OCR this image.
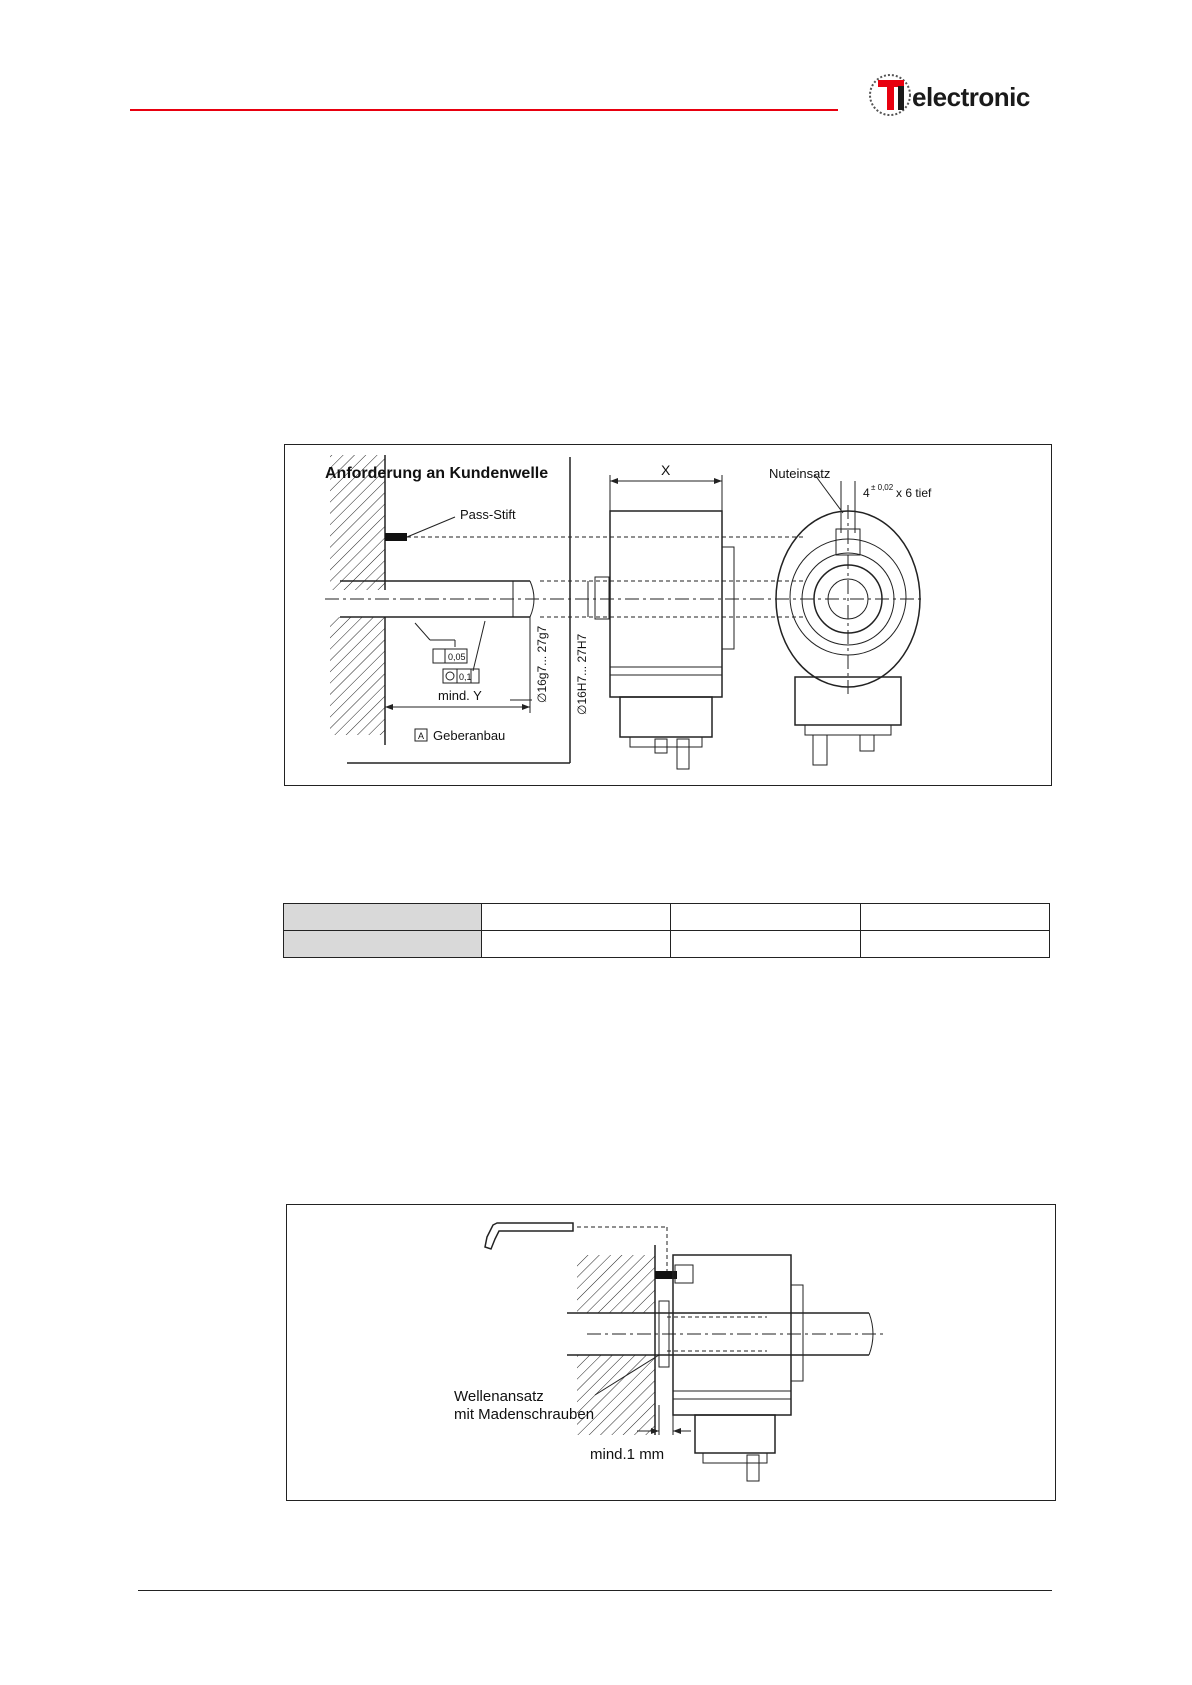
electronic
0,05
0,1
Anforderung an Kundenwelle
Pass-Stift
X	Nuteinsatz
4 ± 0,02 x 6 tief
A Geberanbau
mind. Y	∅16g7... 27g7 ∅16H7... 27H7

Wellenansatz
mit Madenschrauben
mind.1 mm
